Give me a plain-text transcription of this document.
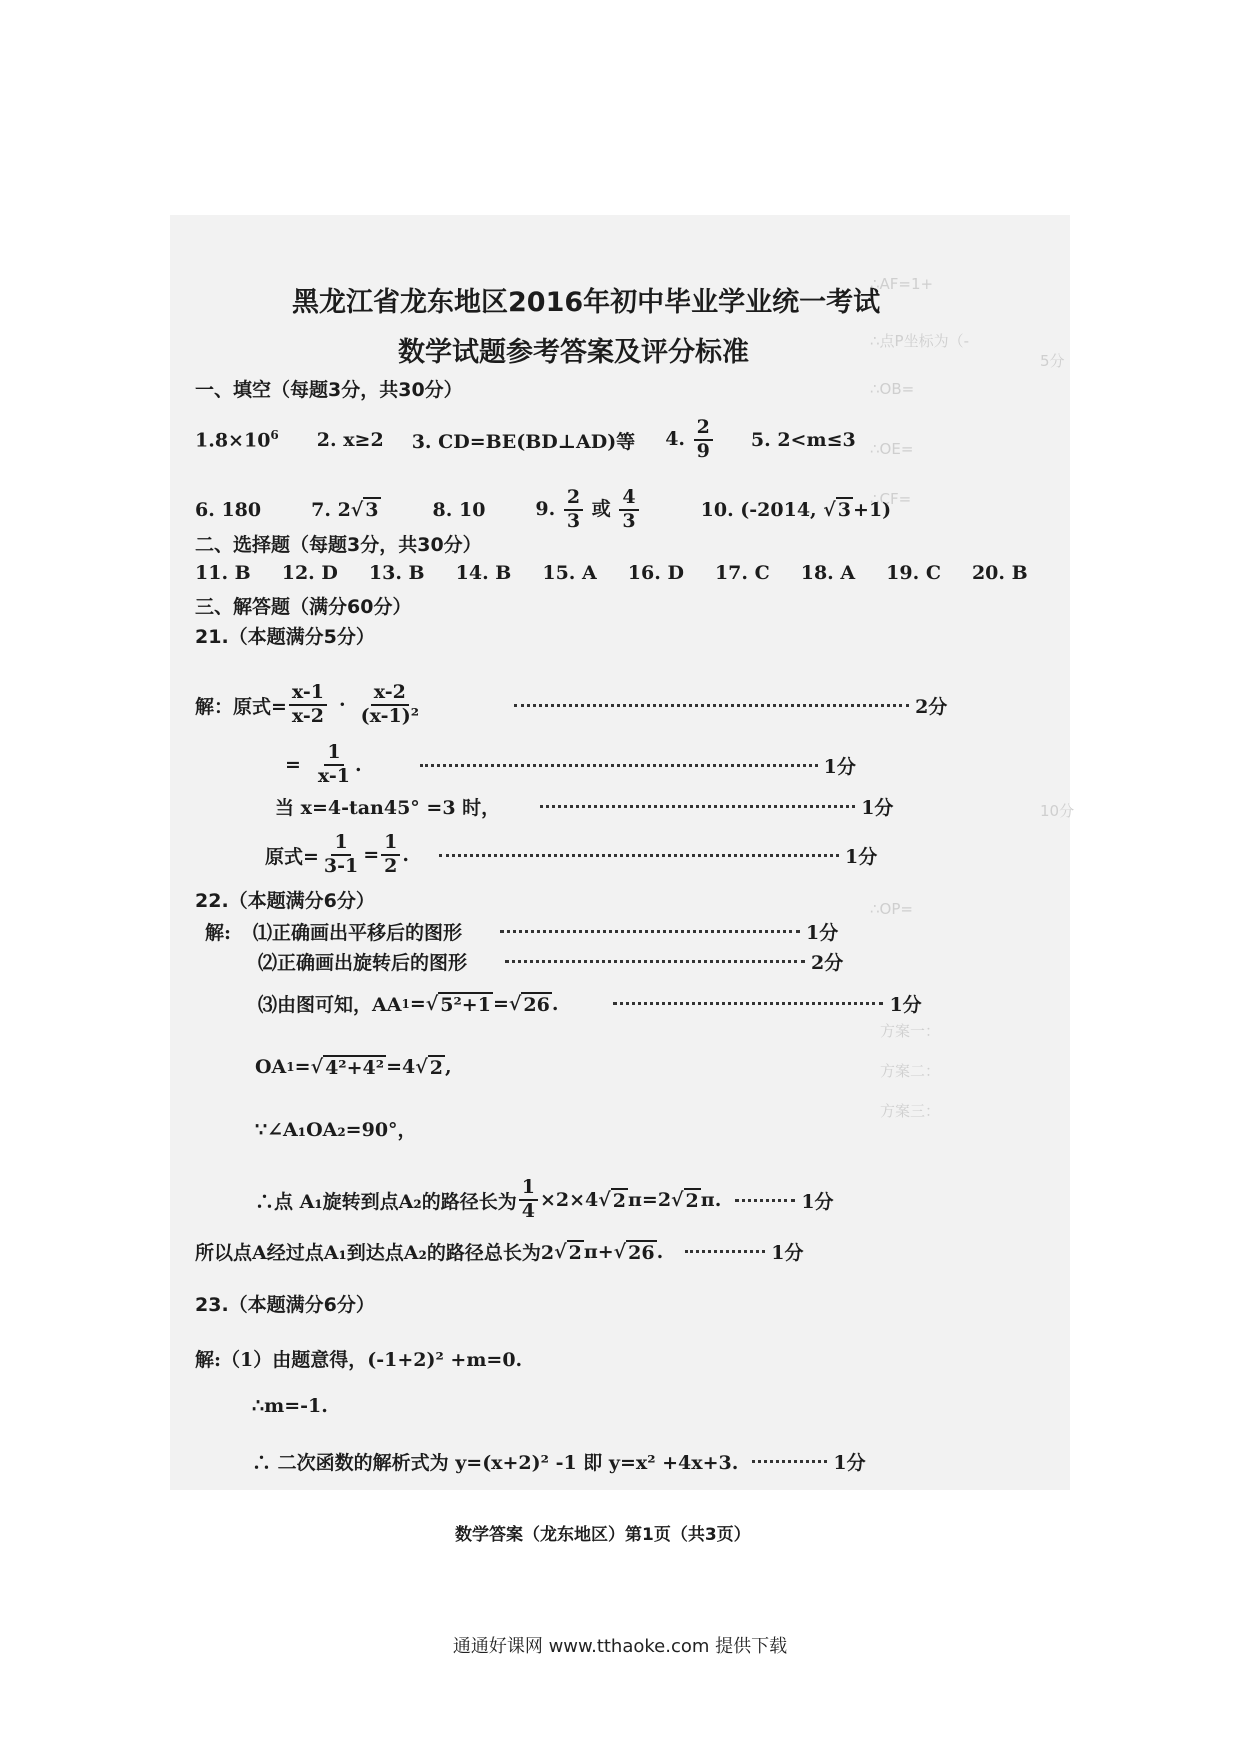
∴AF=1+
∴点P坐标为（-
∴OB=
∴OE=
∴CF=
5分
10分
∴OP=
方案一：
方案二：
方案三：
黑龙江省龙东地区2016年初中毕业学业统一考试
数学试题参考答案及评分标准
一、填空（每题3分，共30分）
$1.8\times 10^6$ 2. x≥2 3. CD=BE(BD⊥AD)等 4. $\frac{2}{9} 5$. 2<m≤3
6. 180	7. 2√ 3	8. 10	9. $\frac{2}{3}$ 或 $\frac{4}{3}$	10. (-2014, √ 3 +1)
二、选择题（每题3分，共30分）
11. B 12. D 13. B 14. B 15. A 16. D 17. C 18. A 19. C 20. B
三、解答题（满分60分）
21.（本题满分5分）
解：原式= $\frac{x-1}{x-2} \cdot \frac{x-2}{\text{(x-1)²}}$	2分
= $\frac{1}{x-1}$ .	1分
当 x=4-tan45° =3 时，	1分
原式= $\frac{1}{3-1} = \frac{1}{2}$ .	1分
22.（本题满分6分）
解: ⑴正确画出平移后的图形	1分
⑵正确画出旋转后的图形	2分
⑶由图可知，AA 1 = √ 5²+1 = √ 26 .	1分
OA 1 = √ 4²+4² =4 √ 2 ,
∵∠A₁OA₂=90°，
∴点 A₁旋转到点A₂的路径长为 $\frac{1}{4} \times 2\times 4$ √ 2 π=2 √ 2 π.	1分
所以点A经过点A₁到达点A₂的路径总长为2 √ 2 π+ √ 26 .	1分
23.（本题满分6分）
解:（1）由题意得，(-1+2)² +m=0.
∴m=-1.
∴ 二次函数的解析式为 y=(x+2)² -1 即 y=x² +4x+3.	1分
数学答案（龙东地区）第1页（共3页）
通通好课网 www.tthaoke.com 提供下载
